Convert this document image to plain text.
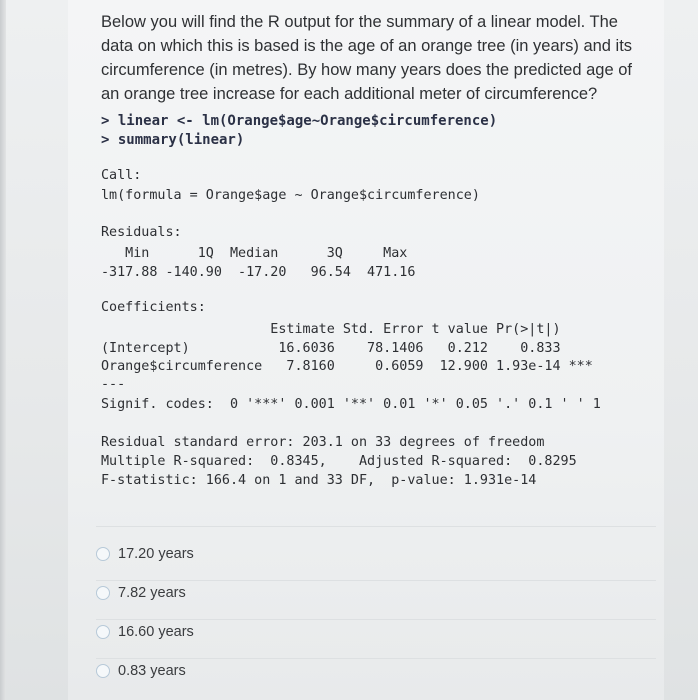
Below you will find the R output for the summary of a linear model. The data on which this is based is the age of an orange tree (in years) and its circumference (in metres). By how many years does the predicted age of an orange tree increase for each additional meter of circumference?
> linear <- lm(Orange$age~Orange$circumference)
> summary(linear)
Call:
lm(formula = Orange$age ~ Orange$circumference)
Residuals:
Min      1Q  Median      3Q     Max
-317.88 -140.90  -17.20   96.54  471.16
Coefficients:
Estimate Std. Error t value Pr(>|t|)
(Intercept)           16.6036    78.1406   0.212    0.833
Orange$circumference   7.8160     0.6059  12.900 1.93e-14 ***
---
Signif. codes:  0 '***' 0.001 '**' 0.01 '*' 0.05 '.' 0.1 ' ' 1
Residual standard error: 203.1 on 33 degrees of freedom
Multiple R-squared:  0.8345,	Adjusted R-squared:  0.8295
F-statistic: 166.4 on 1 and 33 DF,  p-value: 1.931e-14
17.20 years
7.82 years
16.60 years
0.83 years
